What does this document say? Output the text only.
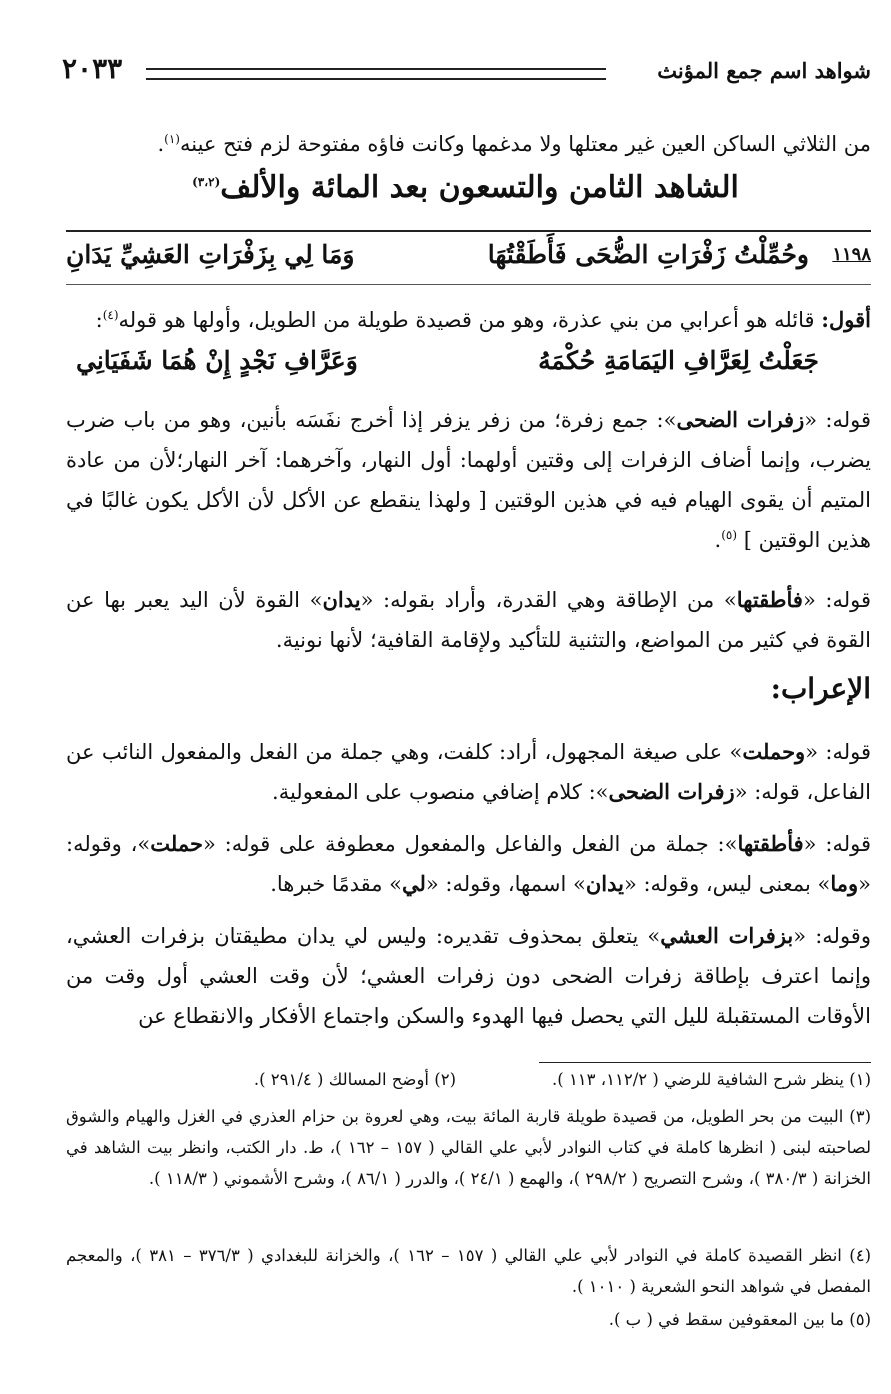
شواهد اسم جمع المؤنث
٢٠٣٣
من الثلاثي الساكن العين غير معتلها ولا مدغمها وكانت فاؤه مفتوحة لزم فتح عينه$^{(١)}$.
الشاهد الثامن والتسعون بعد المائة والألف$^{(٣،٢)}$
١١٩٨
وحُمِّلْتُ زَفْرَاتِ الضُّحَى فَأَطَقْتُهَا
وَمَا لِي بِزَفْرَاتِ العَشِيِّ يَدَانِ
أقول: قائله هو أعرابي من بني عذرة، وهو من قصيدة طويلة من الطويل، وأولها هو قوله$^{(٤)}$:
جَعَلْتُ لِعَرَّافِ اليَمَامَةِ حُكْمَهُ
وَعَرَّافِ نَجْدٍ إِنْ هُمَا شَفَيَانِي
قوله: «زفرات الضحى»: جمع زفرة؛ من زفر يزفر إذا أخرج نفَسَه بأنين، وهو من باب ضرب يضرب، وإنما أضاف الزفرات إلى وقتين أولهما: أول النهار، وآخرهما: آخر النهار؛لأن من عادة المتيم أن يقوى الهيام فيه في هذين الوقتين [ ولهذا ينقطع عن الأكل لأن الأكل يكون غالبًا في هذين الوقتين ] $^{(٥)}$.
قوله: «فأطقتها» من الإطاقة وهي القدرة، وأراد بقوله: «يدان» القوة لأن اليد يعبر بها عن القوة في كثير من المواضع، والتثنية للتأكيد ولإقامة القافية؛ لأنها نونية.
الإعراب:
قوله: «وحملت» على صيغة المجهول، أراد: كلفت، وهي جملة من الفعل والمفعول النائب عن الفاعل، قوله: «زفرات الضحى»: كلام إضافي منصوب على المفعولية.
قوله: «فأطقتها»: جملة من الفعل والفاعل والمفعول معطوفة على قوله: «حملت»، وقوله: «وما» بمعنى ليس، وقوله: «يدان» اسمها، وقوله: «لي» مقدمًا خبرها.
وقوله: «بزفرات العشي» يتعلق بمحذوف تقديره: وليس لي يدان مطيقتان بزفرات العشي، وإنما اعترف بإطاقة زفرات الضحى دون زفرات العشي؛ لأن وقت العشي أول وقت من الأوقات المستقبلة لليل التي يحصل فيها الهدوء والسكن واجتماع الأفكار والانقطاع عن
(١) ينظر شرح الشافية للرضي ( ١١٢/٢، ١١٣ ).
(٢) أوضح المسالك ( ٢٩١/٤ ).
(٣) البيت من بحر الطويل، من قصيدة طويلة قاربة المائة بيت، وهي لعروة بن حزام العذري في الغزل والهيام والشوق لصاحبته لبنى ( انظرها كاملة في كتاب النوادر لأبي علي القالي ( ١٥٧ – ١٦٢ )، ط. دار الكتب، وانظر بيت الشاهد في الخزانة ( ٣٨٠/٣ )، وشرح التصريح ( ٢٩٨/٢ )، والهمع ( ٢٤/١ )، والدرر ( ٨٦/١ )، وشرح الأشموني ( ١١٨/٣ ).
(٤) انظر القصيدة كاملة في النوادر لأبي علي القالي ( ١٥٧ – ١٦٢ )، والخزانة للبغدادي ( ٣٧٦/٣ – ٣٨١ )، والمعجم المفصل في شواهد النحو الشعرية ( ١٠١٠ ).
(٥) ما بين المعقوفين سقط في ( ب ).
